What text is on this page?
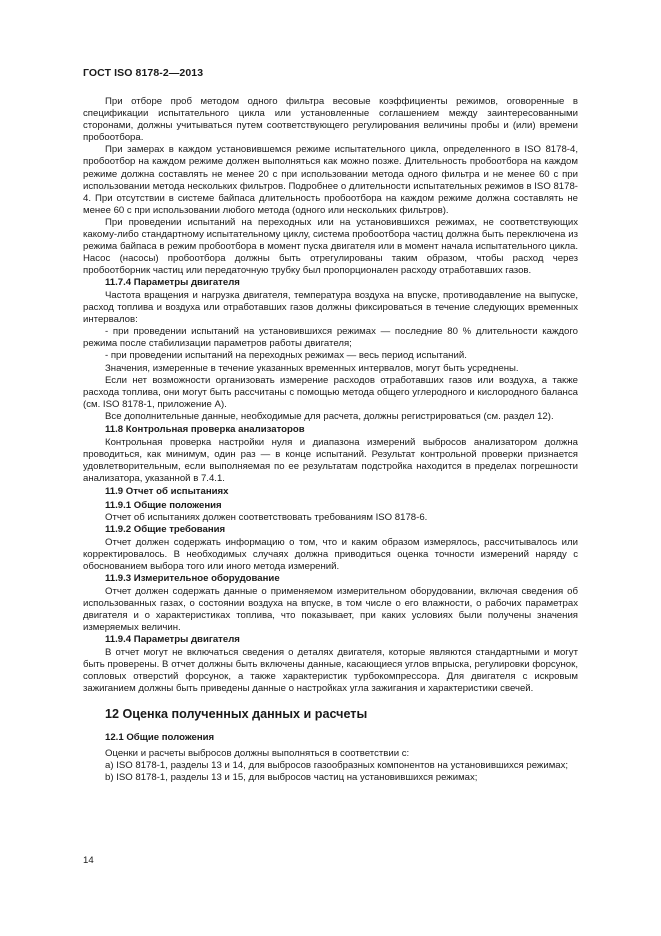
ГОСТ ISO 8178-2—2013

При отборе проб методом одного фильтра весовые коэффициенты режимов, оговоренные в спецификации испытательного цикла или установленные соглашением между заинтересованными сторонами, должны учитываться путем соответствующего регулирования величины пробы и (или) времени пробоотбора.

При замерах в каждом установившемся режиме испытательного цикла, определенного в ISO 8178-4, пробоотбор на каждом режиме должен выполняться как можно позже. Длительность пробоотбора на каждом режиме должна составлять не менее 20 с при использовании метода одного фильтра и не менее 60 с при использовании метода нескольких фильтров. Подробнее о длительности испытательных режимов в ISO 8178-4. При отсутствии в системе байпаса длительность пробоотбора на каждом режиме должна составлять не менее 60 с при использовании любого метода (одного или нескольких фильтров).

При проведении испытаний на переходных или на установившихся режимах, не соответствующих какому-либо стандартному испытательному циклу, система пробоотбора частиц должна быть переключена из режима байпаса в режим пробоотбора в момент пуска двигателя или в момент начала испытательного цикла. Насос (насосы) пробоотбора должны быть отрегулированы таким образом, чтобы расход через пробоотборник частиц или передаточную трубку был пропорционален расходу отработавших газов.

11.7.4 Параметры двигателя

Частота вращения и нагрузка двигателя, температура воздуха на впуске, противодавление на выпуске, расход топлива и воздуха или отработавших газов должны фиксироваться в течение следующих временных интервалов:

- при проведении испытаний на установившихся режимах — последние 80 % длительности каждого режима после стабилизации параметров работы двигателя;

- при проведении испытаний на переходных режимах — весь период испытаний.

Значения, измеренные в течение указанных временных интервалов, могут быть усреднены.

Если нет возможности организовать измерение расходов отработавших газов или воздуха, а также расхода топлива, они могут быть рассчитаны с помощью метода общего углеродного и кислородного баланса (см. ISO 8178-1, приложение А).

Все дополнительные данные, необходимые для расчета, должны регистрироваться (см. раздел 12).

11.8 Контрольная проверка анализаторов

Контрольная проверка настройки нуля и диапазона измерений выбросов анализатором должна проводиться, как минимум, один раз — в конце испытаний. Результат контрольной проверки признается удовлетворительным, если выполняемая по ее результатам подстройка находится в пределах погрешности анализатора, указанной в 7.4.1.

11.9 Отчет об испытаниях
11.9.1 Общие положения

Отчет об испытаниях должен соответствовать требованиям ISO 8178-6.

11.9.2 Общие требования

Отчет должен содержать информацию о том, что и каким образом измерялось, рассчитывалось или корректировалось. В необходимых случаях должна приводиться оценка точности измерений наряду с обоснованием выбора того или иного метода измерений.

11.9.3 Измерительное оборудование

Отчет должен содержать данные о применяемом измерительном оборудовании, включая сведения об использованных газах, о состоянии воздуха на впуске, в том числе о его влажности, о рабочих параметрах двигателя и о характеристиках топлива, что показывает, при каких условиях были получены значения измеряемых величин.

11.9.4 Параметры двигателя

В отчет могут не включаться сведения о деталях двигателя, которые являются стандартными и могут быть проверены. В отчет должны быть включены данные, касающиеся углов впрыска, регулировки форсунок, сопловых отверстий форсунок, а также характеристик турбокомпрессора. Для двигателя с искровым зажиганием должны быть приведены данные о настройках угла зажигания и характеристики свечей.

12 Оценка полученных данных и расчеты
12.1 Общие положения

Оценки и расчеты выбросов должны выполняться в соответствии с:

a) ISO 8178-1, разделы 13 и 14, для выбросов газообразных компонентов на установившихся режимах;

b) ISO 8178-1, разделы 13 и 15, для выбросов частиц на установившихся режимах;

14
